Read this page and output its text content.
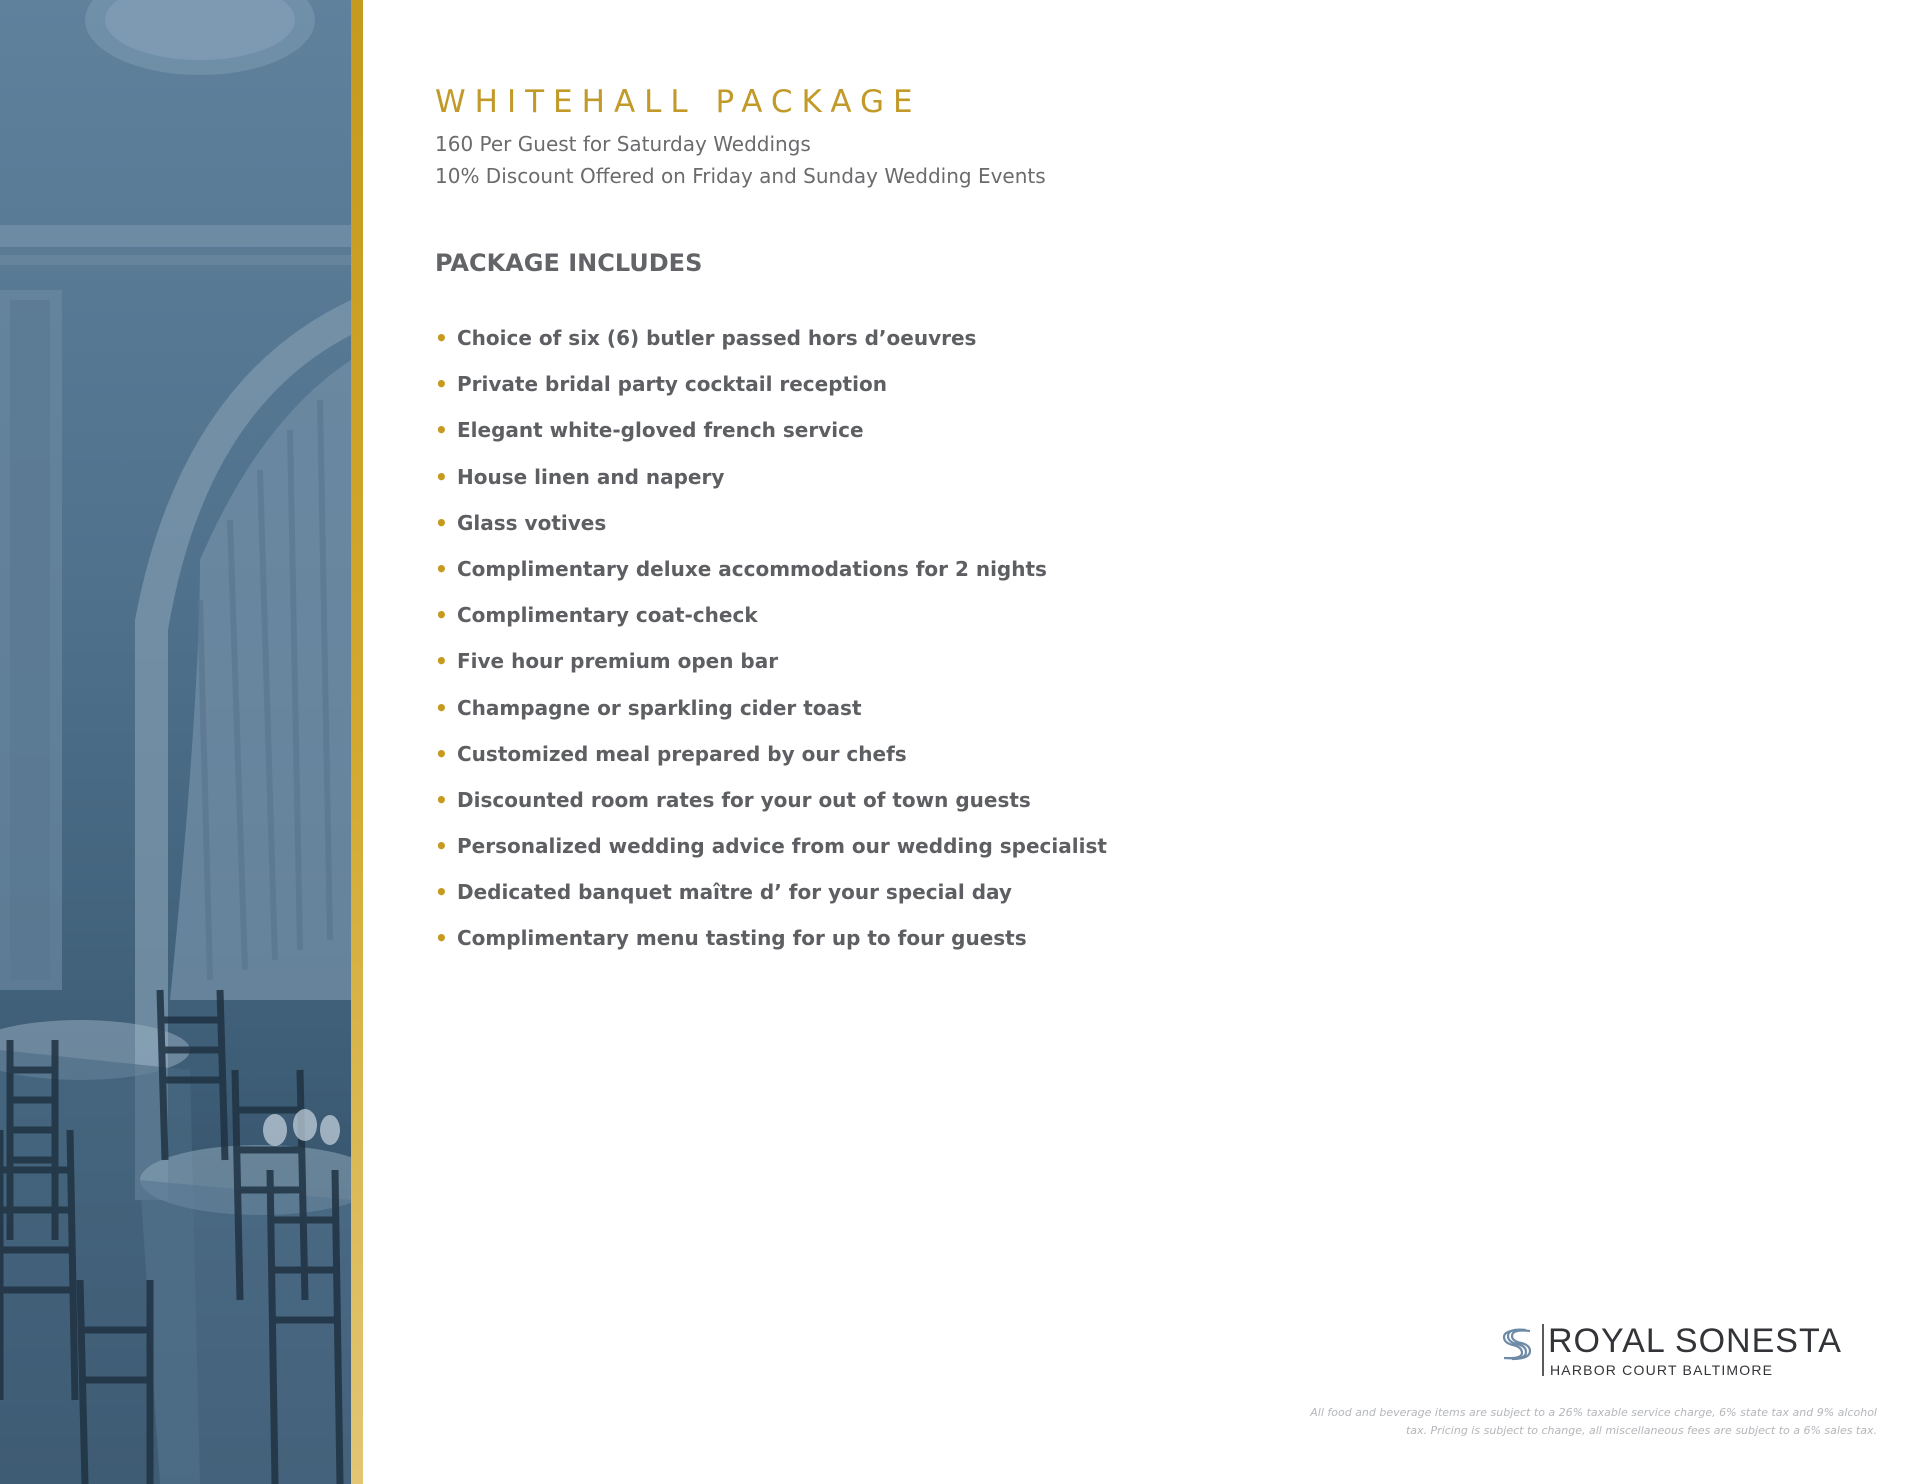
WHITEHALL PACKAGE

160 Per Guest for Saturday Weddings

10% Discount Offered on Friday and Sunday Wedding Events

PACKAGE INCLUDES
• Choice of six (6) butler passed hors d’oeuvres
• Private bridal party cocktail reception
• Elegant white-gloved french service
• House linen and napery
• Glass votives
• Complimentary deluxe accommodations for 2 nights
• Complimentary coat-check
• Five hour premium open bar
• Champagne or sparkling cider toast
• Customized meal prepared by our chefs
• Discounted room rates for your out of town guests
• Personalized wedding advice from our wedding specialist
• Dedicated banquet maître d’ for your special day
• Complimentary menu tasting for up to four guests
ROYAL SONESTA
HARBOR COURT BALTIMORE
All food and beverage items are subject to a 26% taxable service charge, 6% state tax and 9% alcohol
tax. Pricing is subject to change, all miscellaneous fees are subject to a 6% sales tax.
